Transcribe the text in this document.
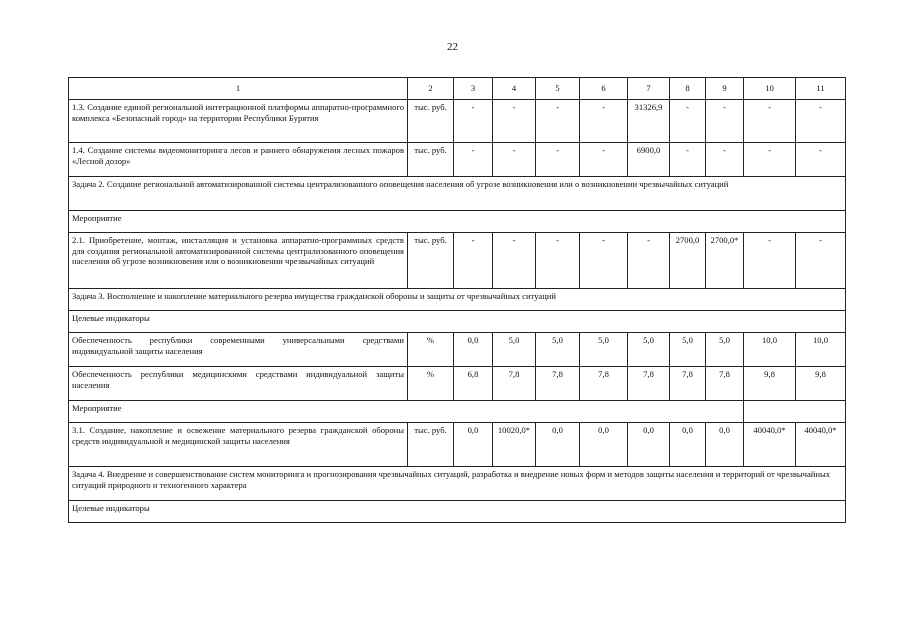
22
1	2	3	4	5	6	7	8	9	10	11
1.3. Создание единой региональной интеграционной платформы аппаратно-программного комплекса «Безопасный город» на территории Республики Бурятия	тыс. руб.	-	-	-	-	31326,9	-	-	-	-
1.4. Создание системы видеомониторинга лесов и раннего обнаружения лесных пожаров «Лесной дозор»	тыс. руб.	-	-	-	-	6900,0	-	-	-	-
Задача 2. Создание региональной автоматизированной системы централизованного оповещения населения об угрозе возникновения или о возникновении чрезвычайных ситуаций										
Мероприятие										
2.1. Приобретение, монтаж, инсталляция и установка аппаратно-программных средств для создания региональной автоматизированной системы централизованного оповещения населения об угрозе возникновения или о возникновении чрезвычайных ситуаций	тыс. руб.	-	-	-	-	-	2700,0	2700,0*	-	-
Задача 3. Восполнение и накопление материального резерва имущества гражданской обороны и защиты от чрезвычайных ситуаций										
Целевые индикаторы										
Обеспеченность республики современными универсальными средствами индивидуальной защиты населения	%	0,0	5,0	5,0	5,0	5,0	5,0	5,0	10,0	10,0
Обеспеченность республики медицинскими средствами индивидуальной защиты населения	%	6,8	7,8	7,8	7,8	7,8	7,8	7,8	9,8	9,8
Мероприятие										
3.1. Создание, накопление и освежение материального резерва гражданской обороны средств индивидуальной и медицинской защиты населения	тыс. руб.	0,0	10020,0*	0,0	0,0	0,0	0,0	0,0	40040,0*	40040,0*
Задача 4. Внедрение и совершенствование систем мониторинга и прогнозирования чрезвычайных ситуаций, разработка и внедрение новых форм и методов защиты населения и территорий от чрезвычайных ситуаций природного и техногенного характера										
Целевые индикаторы										
